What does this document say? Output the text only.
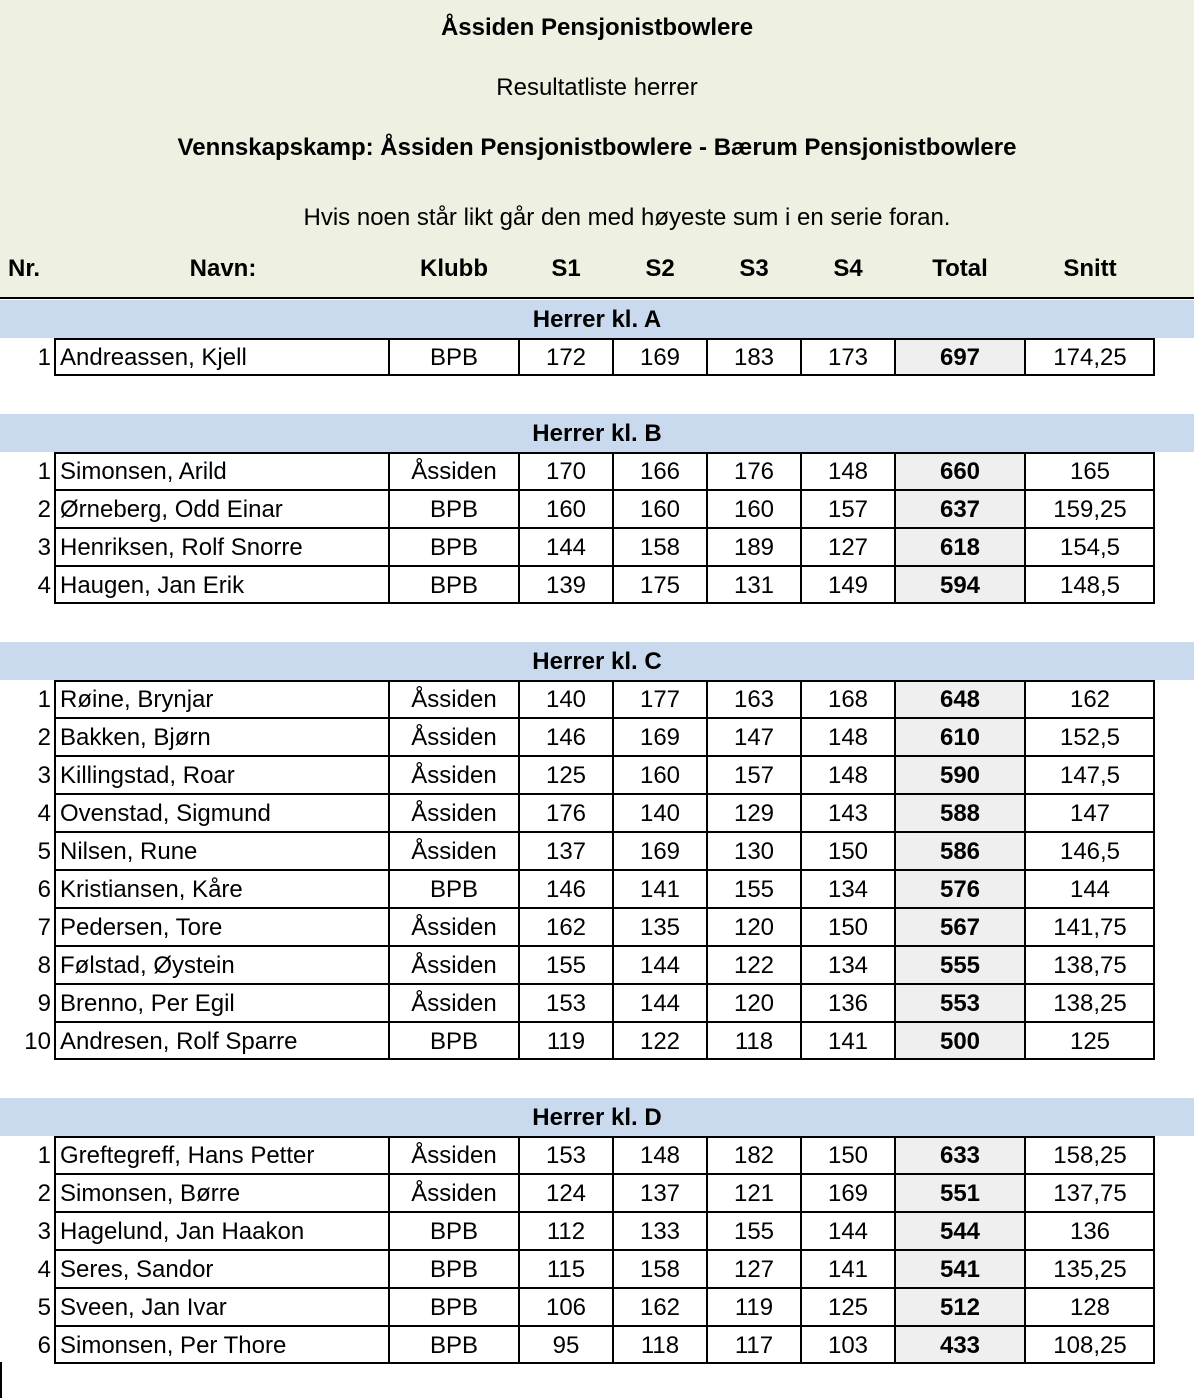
Åssiden Pensjonistbowlere
Resultatliste herrer
Vennskapskamp: Åssiden Pensjonistbowlere - Bærum Pensjonistbowlere
Hvis noen står likt går den med høyeste sum i en serie foran.
Nr.	Navn:	Klubb	S1	S2	S3	S4	Total	Snitt
Herrer kl. A
1 Andreassen, Kjell	BPB	172	169	183	173	697	174,25
Herrer kl. B
1 Simonsen, Arild	Åssiden	170	166	176	148	660	165
2 Ørneberg, Odd Einar	BPB	160	160	160	157	637	159,25
3 Henriksen, Rolf Snorre	BPB	144	158	189	127	618	154,5
4 Haugen, Jan Erik	BPB	139	175	131	149	594	148,5
Herrer kl. C
1 Røine, Brynjar	Åssiden	140	177	163	168	648	162
2 Bakken, Bjørn	Åssiden	146	169	147	148	610	152,5
3 Killingstad, Roar	Åssiden	125	160	157	148	590	147,5
4 Ovenstad, Sigmund	Åssiden	176	140	129	143	588	147
5 Nilsen, Rune	Åssiden	137	169	130	150	586	146,5
6 Kristiansen, Kåre	BPB	146	141	155	134	576	144
7 Pedersen, Tore	Åssiden	162	135	120	150	567	141,75
8 Følstad, Øystein	Åssiden	155	144	122	134	555	138,75
9 Brenno, Per Egil	Åssiden	153	144	120	136	553	138,25
10 Andresen, Rolf Sparre	BPB	119	122	118	141	500	125
Herrer kl. D
1 Greftegreff, Hans Petter	Åssiden	153	148	182	150	633	158,25
2 Simonsen, Børre	Åssiden	124	137	121	169	551	137,75
3 Hagelund, Jan Haakon	BPB	112	133	155	144	544	136
4 Seres, Sandor	BPB	115	158	127	141	541	135,25
5 Sveen, Jan Ivar	BPB	106	162	119	125	512	128
6 Simonsen, Per Thore	BPB	95	118	117	103	433	108,25
